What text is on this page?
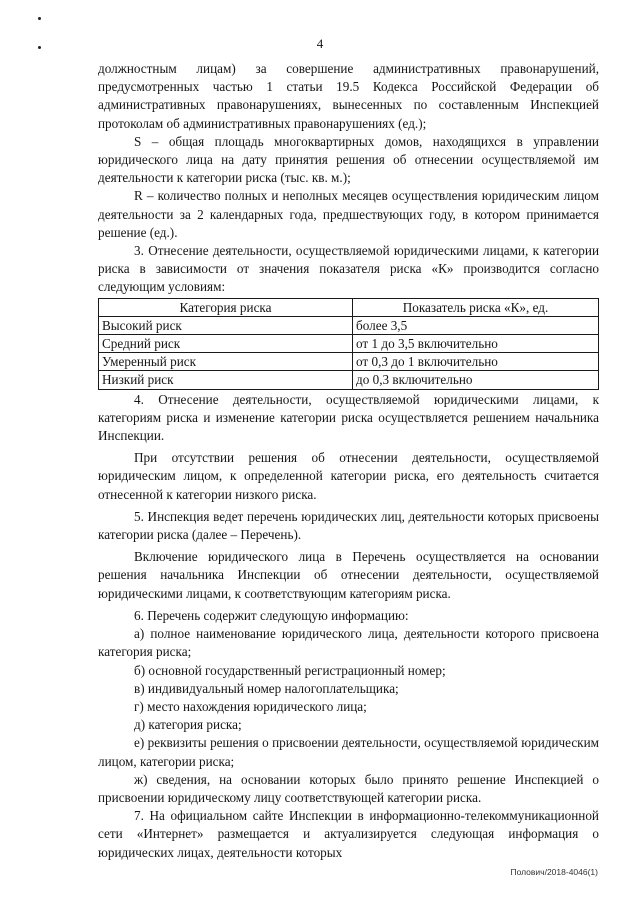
4

должностным лицам) за совершение административных правонарушений, предусмотренных частью 1 статьи 19.5 Кодекса Российской Федерации об административных правонарушениях, вынесенных по составленным Инспекцией протоколам об административных правонарушениях (ед.);

S – общая площадь многоквартирных домов, находящихся в управлении юридического лица на дату принятия решения об отнесении осуществляемой им деятельности к категории риска (тыс. кв. м.);

R – количество полных и неполных месяцев осуществления юридическим лицом деятельности за 2 календарных года, предшествующих году, в котором принимается решение (ед.).

3. Отнесение деятельности, осуществляемой юридическими лицами, к категории риска в зависимости от значения показателя риска «К» производится согласно следующим условиям:

Категория риска	Показатель риска «К», ед.
Высокий риск	более 3,5
Средний риск	от 1 до 3,5 включительно
Умеренный риск	от 0,3 до 1 включительно
Низкий риск	до 0,3 включительно

4. Отнесение деятельности, осуществляемой юридическими лицами, к категориям риска и изменение категории риска осуществляется решением начальника Инспекции.

При отсутствии решения об отнесении деятельности, осуществляемой юридическим лицом, к определенной категории риска, его деятельность считается отнесенной к категории низкого риска.

5. Инспекция ведет перечень юридических лиц, деятельности которых присвоены категории риска (далее – Перечень).

Включение юридического лица в Перечень осуществляется на основании решения начальника Инспекции об отнесении деятельности, осуществляемой юридическими лицами, к соответствующим категориям риска.

6. Перечень содержит следующую информацию:

а) полное наименование юридического лица, деятельности которого присвоена категория риска;

б) основной государственный регистрационный номер;

в) индивидуальный номер налогоплательщика;

г) место нахождения юридического лица;

д) категория риска;

е) реквизиты решения о присвоении деятельности, осуществляемой юридическим лицом, категории риска;

ж) сведения, на основании которых было принято решение Инспекцией о присвоении юридическому лицу соответствующей категории риска.

7. На официальном сайте Инспекции в информационно-телекоммуникационной сети «Интернет» размещается и актуализируется следующая информация о юридических лицах, деятельности которых

Полович/2018-4046(1)
